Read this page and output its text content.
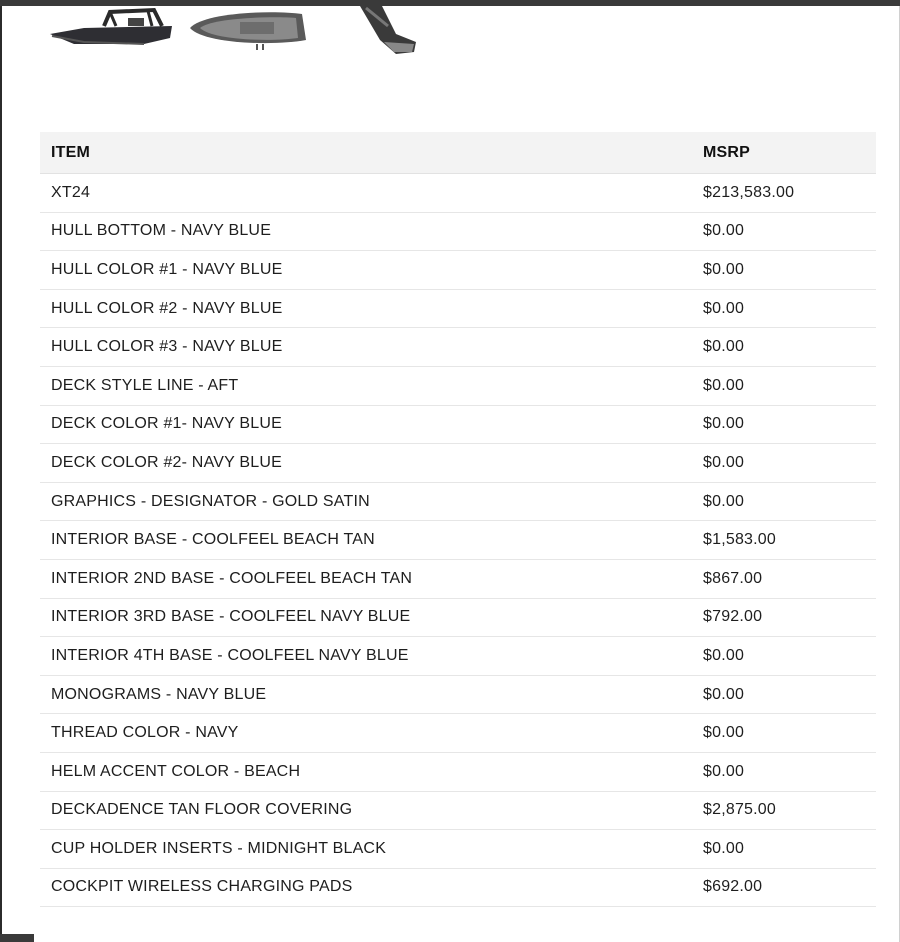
ITEM	MSRP
XT24	$213,583.00
HULL BOTTOM - NAVY BLUE	$0.00
HULL COLOR #1 - NAVY BLUE	$0.00
HULL COLOR #2 - NAVY BLUE	$0.00
HULL COLOR #3 - NAVY BLUE	$0.00
DECK STYLE LINE - AFT	$0.00
DECK COLOR #1- NAVY BLUE	$0.00
DECK COLOR #2- NAVY BLUE	$0.00
GRAPHICS - DESIGNATOR - GOLD SATIN	$0.00
INTERIOR BASE - COOLFEEL BEACH TAN	$1,583.00
INTERIOR 2ND BASE - COOLFEEL BEACH TAN	$867.00
INTERIOR 3RD BASE - COOLFEEL NAVY BLUE	$792.00
INTERIOR 4TH BASE - COOLFEEL NAVY BLUE	$0.00
MONOGRAMS - NAVY BLUE	$0.00
THREAD COLOR - NAVY	$0.00
HELM ACCENT COLOR - BEACH	$0.00
DECKADENCE TAN FLOOR COVERING	$2,875.00
CUP HOLDER INSERTS - MIDNIGHT BLACK	$0.00
COCKPIT WIRELESS CHARGING PADS	$692.00
